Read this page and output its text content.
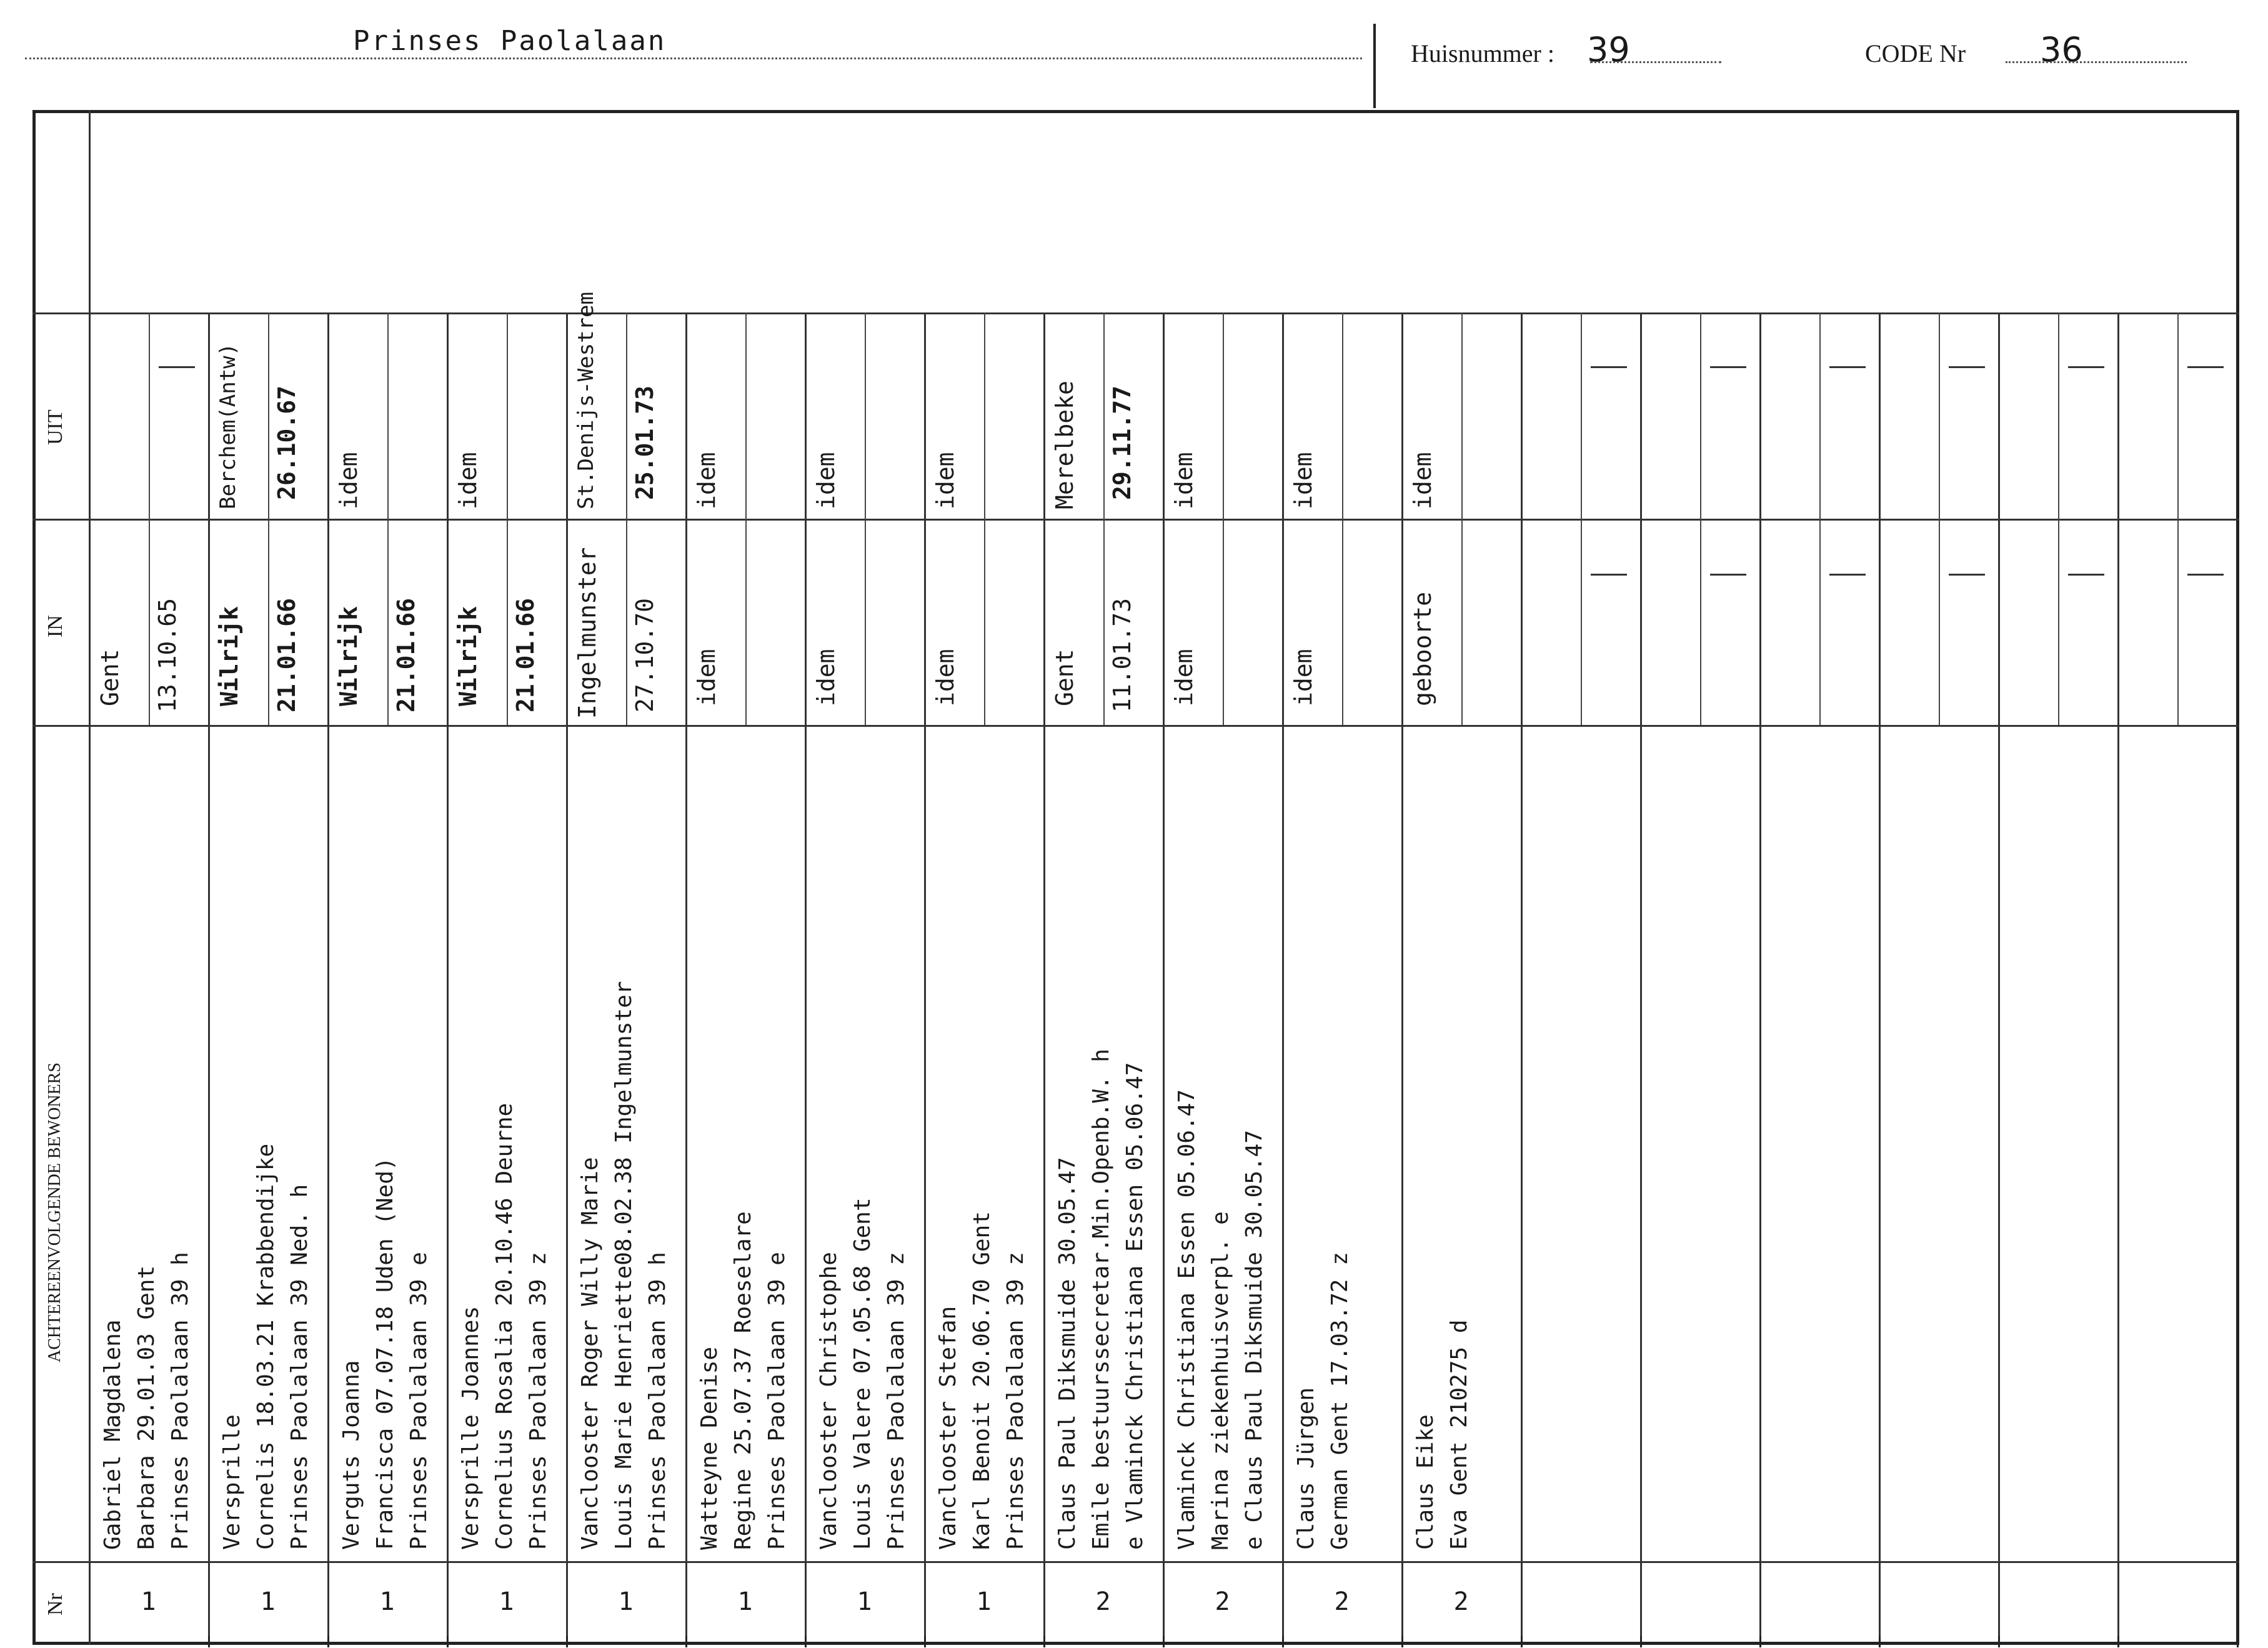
Prinses Paolalaan	Huisnummer : 39	CODE Nr 36
UIT
IN
ACHTEREENVOLGENDE BEWONERS
Nr
Gent 13.10.65
Gabriel Magdalena Barbara 29.01.03 Gent Prinses Paolalaan 39 h
1
Berchem(Antw) 26.10.67
Wilrijk 21.01.66
Versprille Cornelis 18.03.21 Krabbendijke Prinses Paolalaan 39 Ned. h
1
idem
Wilrijk 21.01.66
Verguts Joanna Francisca 07.07.18 Uden (Ned) Prinses Paolalaan 39 e
1
idem
Wilrijk 21.01.66
Versprille Joannes Cornelius Rosalia 20.10.46 Deurne Prinses Paolalaan 39 z
1
St.Denijs-Westrem 25.01.73
Ingelmunster 27.10.70
Vanclooster Roger Willy Marie Louis Marie Henriette08.02.38 Ingelmunster Prinses Paolalaan 39 h
1
idem
idem
Watteyne Denise Regine 25.07.37 Roeselare Prinses Paolalaan 39 e
1
idem
idem
Vanclooster Christophe Louis Valere 07.05.68 Gent Prinses Paolalaan 39 z
1
idem
idem
Vanclooster Stefan Karl Benoit 20.06.70 Gent Prinses Paolalaan 39 z
1
Merelbeke 29.11.77
Gent 11.01.73
Claus Paul Diksmuide 30.05.47 Emile bestuurssecretar.Min.Openb.W. h e Vlaminck Christiana Essen 05.06.47
2
idem
idem
Vlaminck Christiana Essen 05.06.47 Marina ziekenhuisverpl. e e Claus Paul Diksmuide 30.05.47
2
idem
idem
Claus Jürgen German Gent 17.03.72 z
2
idem
geboorte
Claus Eike Eva Gent 210275 d
2
